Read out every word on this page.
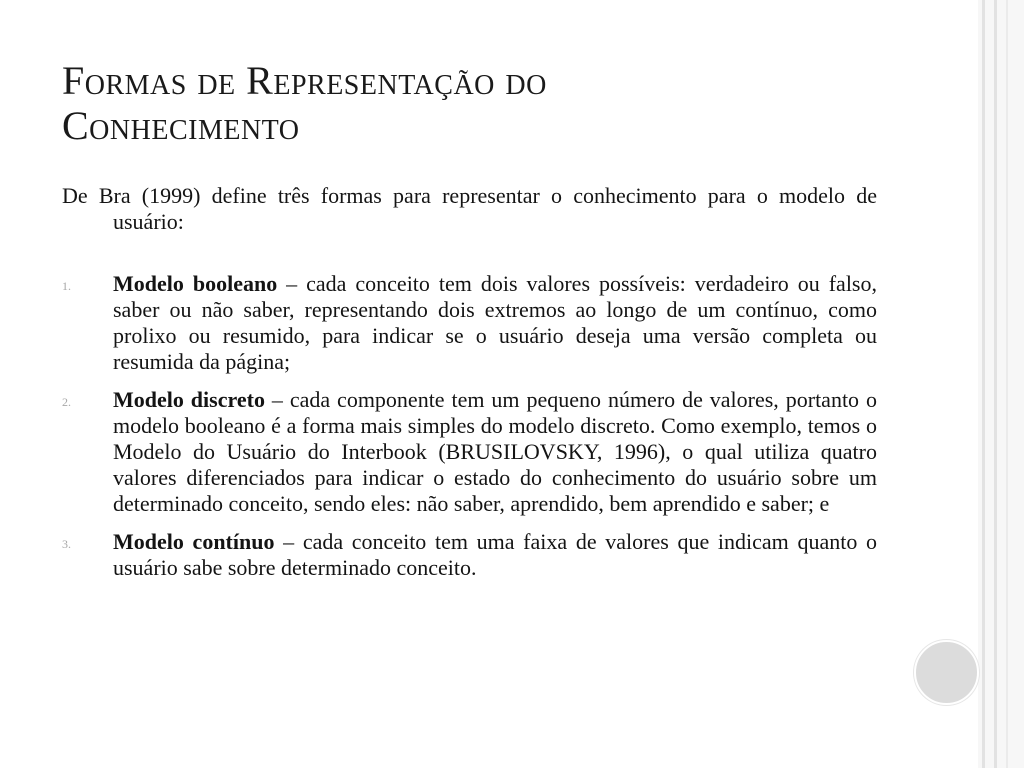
Formas de Representação do
Conhecimento

De Bra (1999) define três formas para representar o conhecimento para o modelo de usuário:

1. Modelo booleano – cada conceito tem dois valores possíveis: verdadeiro ou falso, saber ou não saber, representando dois extremos ao longo de um contínuo, como prolixo ou resumido, para indicar se o usuário deseja uma versão completa ou resumida da página;
2. Modelo discreto – cada componente tem um pequeno número de valores, portanto o modelo booleano é a forma mais simples do modelo discreto. Como exemplo, temos o Modelo do Usuário do Interbook (BRUSILOVSKY, 1996), o qual utiliza quatro valores diferenciados para indicar o estado do conhecimento do usuário sobre um determinado conceito, sendo eles: não saber, aprendido, bem aprendido e saber; e
3. Modelo contínuo – cada conceito tem uma faixa de valores que indicam quanto o usuário sabe sobre determinado conceito.
